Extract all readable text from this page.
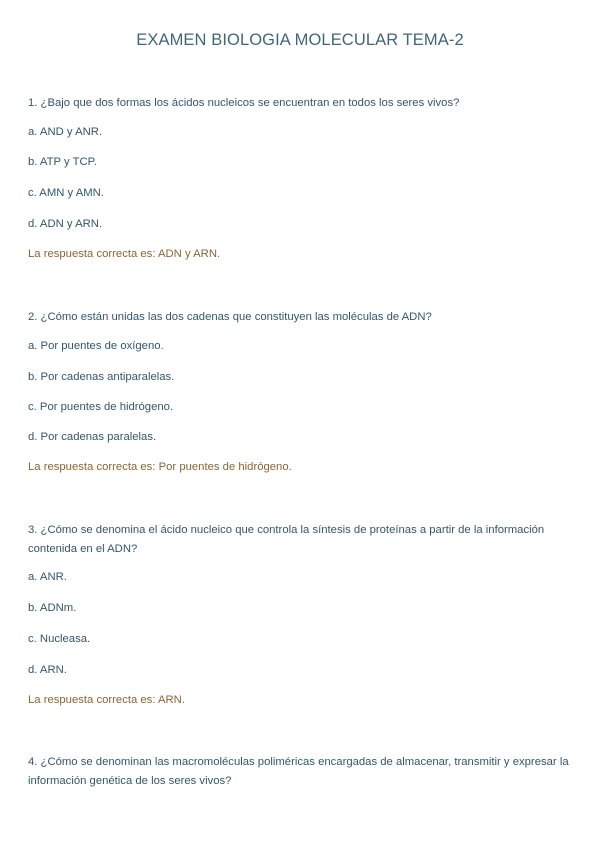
EXAMEN BIOLOGIA MOLECULAR TEMA-2
1. ¿Bajo que dos formas los ácidos nucleicos se encuentran en todos los seres vivos?
a. AND y ANR.
b. ATP y TCP.
c. AMN y AMN.
d. ADN y ARN.
La respuesta correcta es: ADN y ARN.
2. ¿Cómo están unidas las dos cadenas que constituyen las moléculas de ADN?
a. Por puentes de oxígeno.
b. Por cadenas antiparalelas.
c. Por puentes de hidrógeno.
d. Por cadenas paralelas.
La respuesta correcta es: Por puentes de hidrógeno.
3. ¿Cómo se denomina el ácido nucleico que controla la síntesis de proteínas a partir de la información contenida en el ADN?
a. ANR.
b. ADNm.
c. Nucleasa.
d. ARN.
La respuesta correcta es: ARN.
4. ¿Cómo se denominan las macromoléculas poliméricas encargadas de almacenar, transmitir y expresar la información genética de los seres vivos?
